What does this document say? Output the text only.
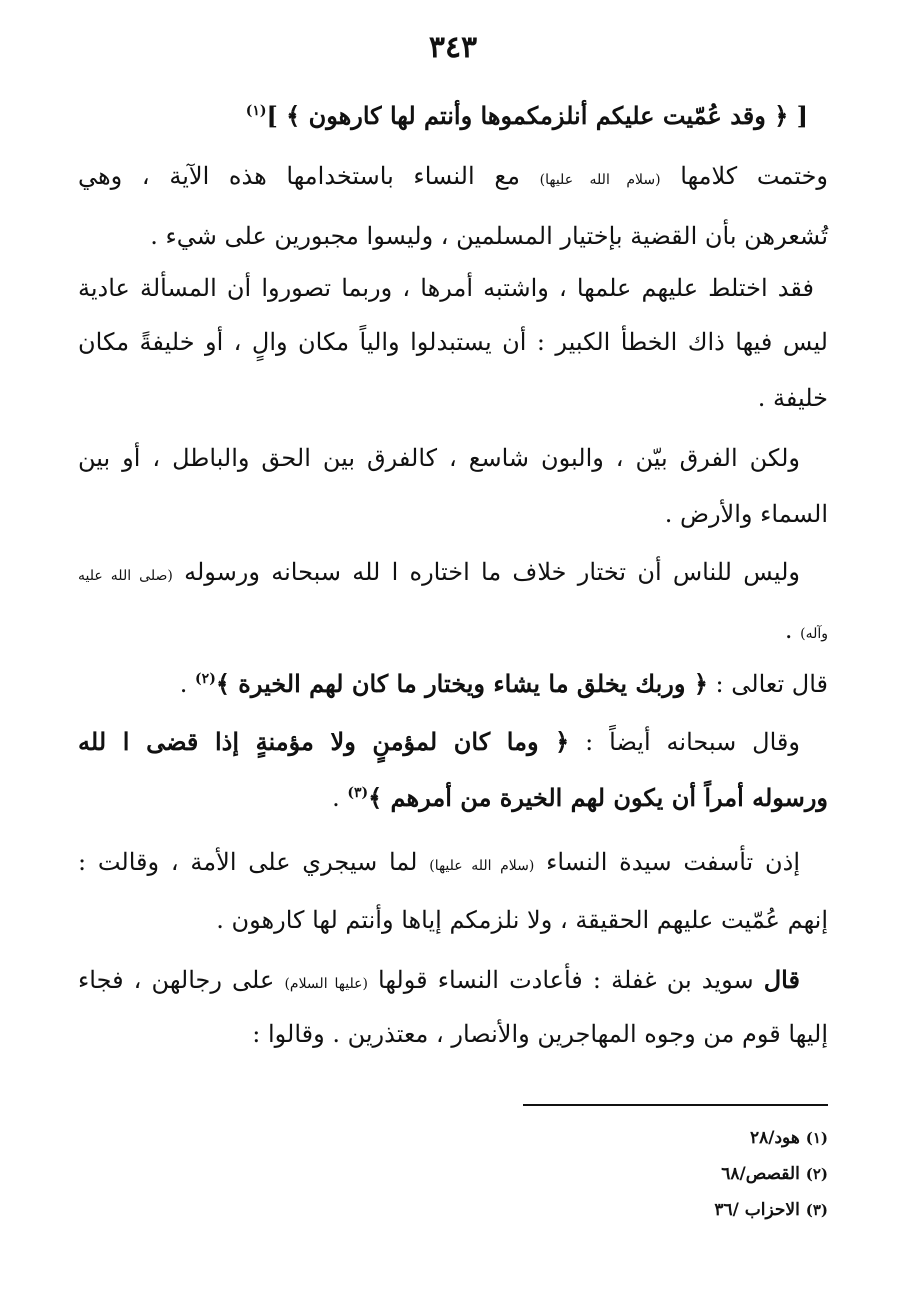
٣٤٣
[ ﴿ وقد عُمّيت عليكم أنلزمكموها وأنتم لها كارهون ﴾ ]$^{(١)}$
وختمت كلامها (سلام الله عليها) مع النساء باستخدامها هذه الآية ، وهي
تُشعرهن بأن القضية بإختيار المسلمين ، وليسوا مجبورين على شيء .
فقد اختلط عليهم علمها ، واشتبه أمرها ، وربما تصوروا أن المسألة عادية
ليس فيها ذاك الخطأ الكبير : أن يستبدلوا والياً مكان والٍ ، أو خليفةً مكان
خليفة .
ولكن الفرق بيّن ، والبون شاسع ، كالفرق بين الحق والباطل ، أو بين
السماء والأرض .
وليس للناس أن تختار خلاف ما اختاره ا لله سبحانه ورسوله (صلى الله عليه
وآله) .
قال تعالى : ﴿ وربك يخلق ما يشاء ويختار ما كان لهم الخيرة ﴾$^{(٢)}$ .
وقال سبحانه أيضاً : ﴿ وما كان لمؤمنٍ ولا مؤمنةٍ إذا قضى ا لله
ورسوله أمراً أن يكون لهم الخيرة من أمرهم ﴾$^{(٣)}$ .
إذن تأسفت سيدة النساء (سلام الله عليها) لما سيجري على الأمة ، وقالت :
إنهم عُمّيت عليهم الحقيقة ، ولا نلزمكم إياها وأنتم لها كارهون .
قال سويد بن غفلة : فأعادت النساء قولها (عليها السلام) على رجالهن ، فجاء
إليها قوم من وجوه المهاجرين والأنصار ، معتذرين . وقالوا :
(١) هود/٢٨
(٢) القصص/٦٨
(٣) الاحزاب /٣٦
